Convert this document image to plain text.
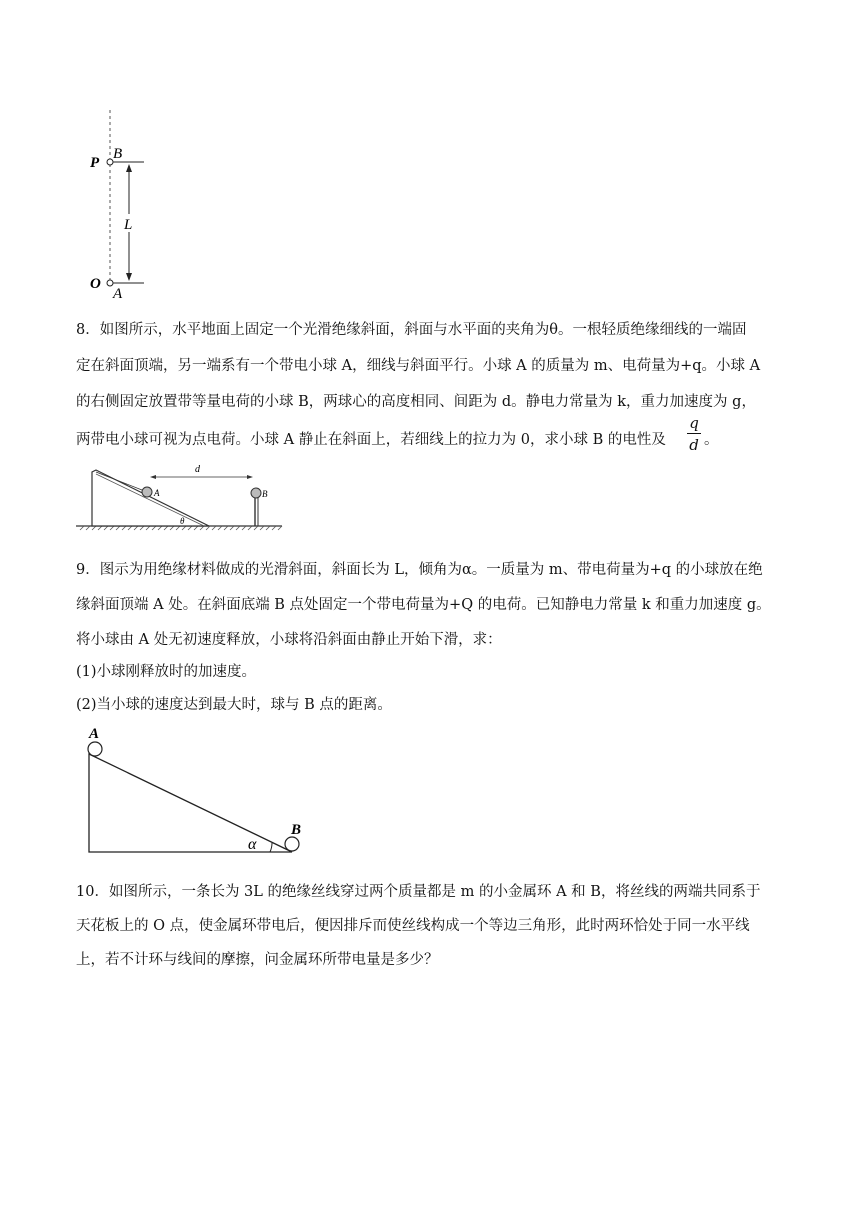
P
B
L
O
A
8．如图所示，水平地面上固定一个光滑绝缘斜面，斜面与水平面的夹角为θ。一根轻质绝缘细线的一端固
定在斜面顶端，另一端系有一个带电小球 A，细线与斜面平行。小球 A 的质量为 m、电荷量为+q。小球 A
的右侧固定放置带等量电荷的小球 B，两球心的高度相同、间距为 d。静电力常量为 k，重力加速度为 g，
两带电小球可视为点电荷。小球 A 静止在斜面上，若细线上的拉力为 0，求小球 B 的电性及
q
d 。
d
A	B
θ
9．图示为用绝缘材料做成的光滑斜面，斜面长为 L，倾角为α。一质量为 m、带电荷量为+q 的小球放在绝
缘斜面顶端 A 处。在斜面底端 B 点处固定一个带电荷量为+Q 的电荷。已知静电力常量 k 和重力加速度 g。
将小球由 A 处无初速度释放，小球将沿斜面由静止开始下滑，求：
(1)小球刚释放时的加速度。
(2)当小球的速度达到最大时，球与 B 点的距离。
A
B
α
10．如图所示，一条长为 3L 的绝缘丝线穿过两个质量都是 m 的小金属环 A 和 B，将丝线的两端共同系于
天花板上的 O 点，使金属环带电后，便因排斥而使丝线构成一个等边三角形，此时两环恰处于同一水平线
上，若不计环与线间的摩擦，问金属环所带电量是多少？
